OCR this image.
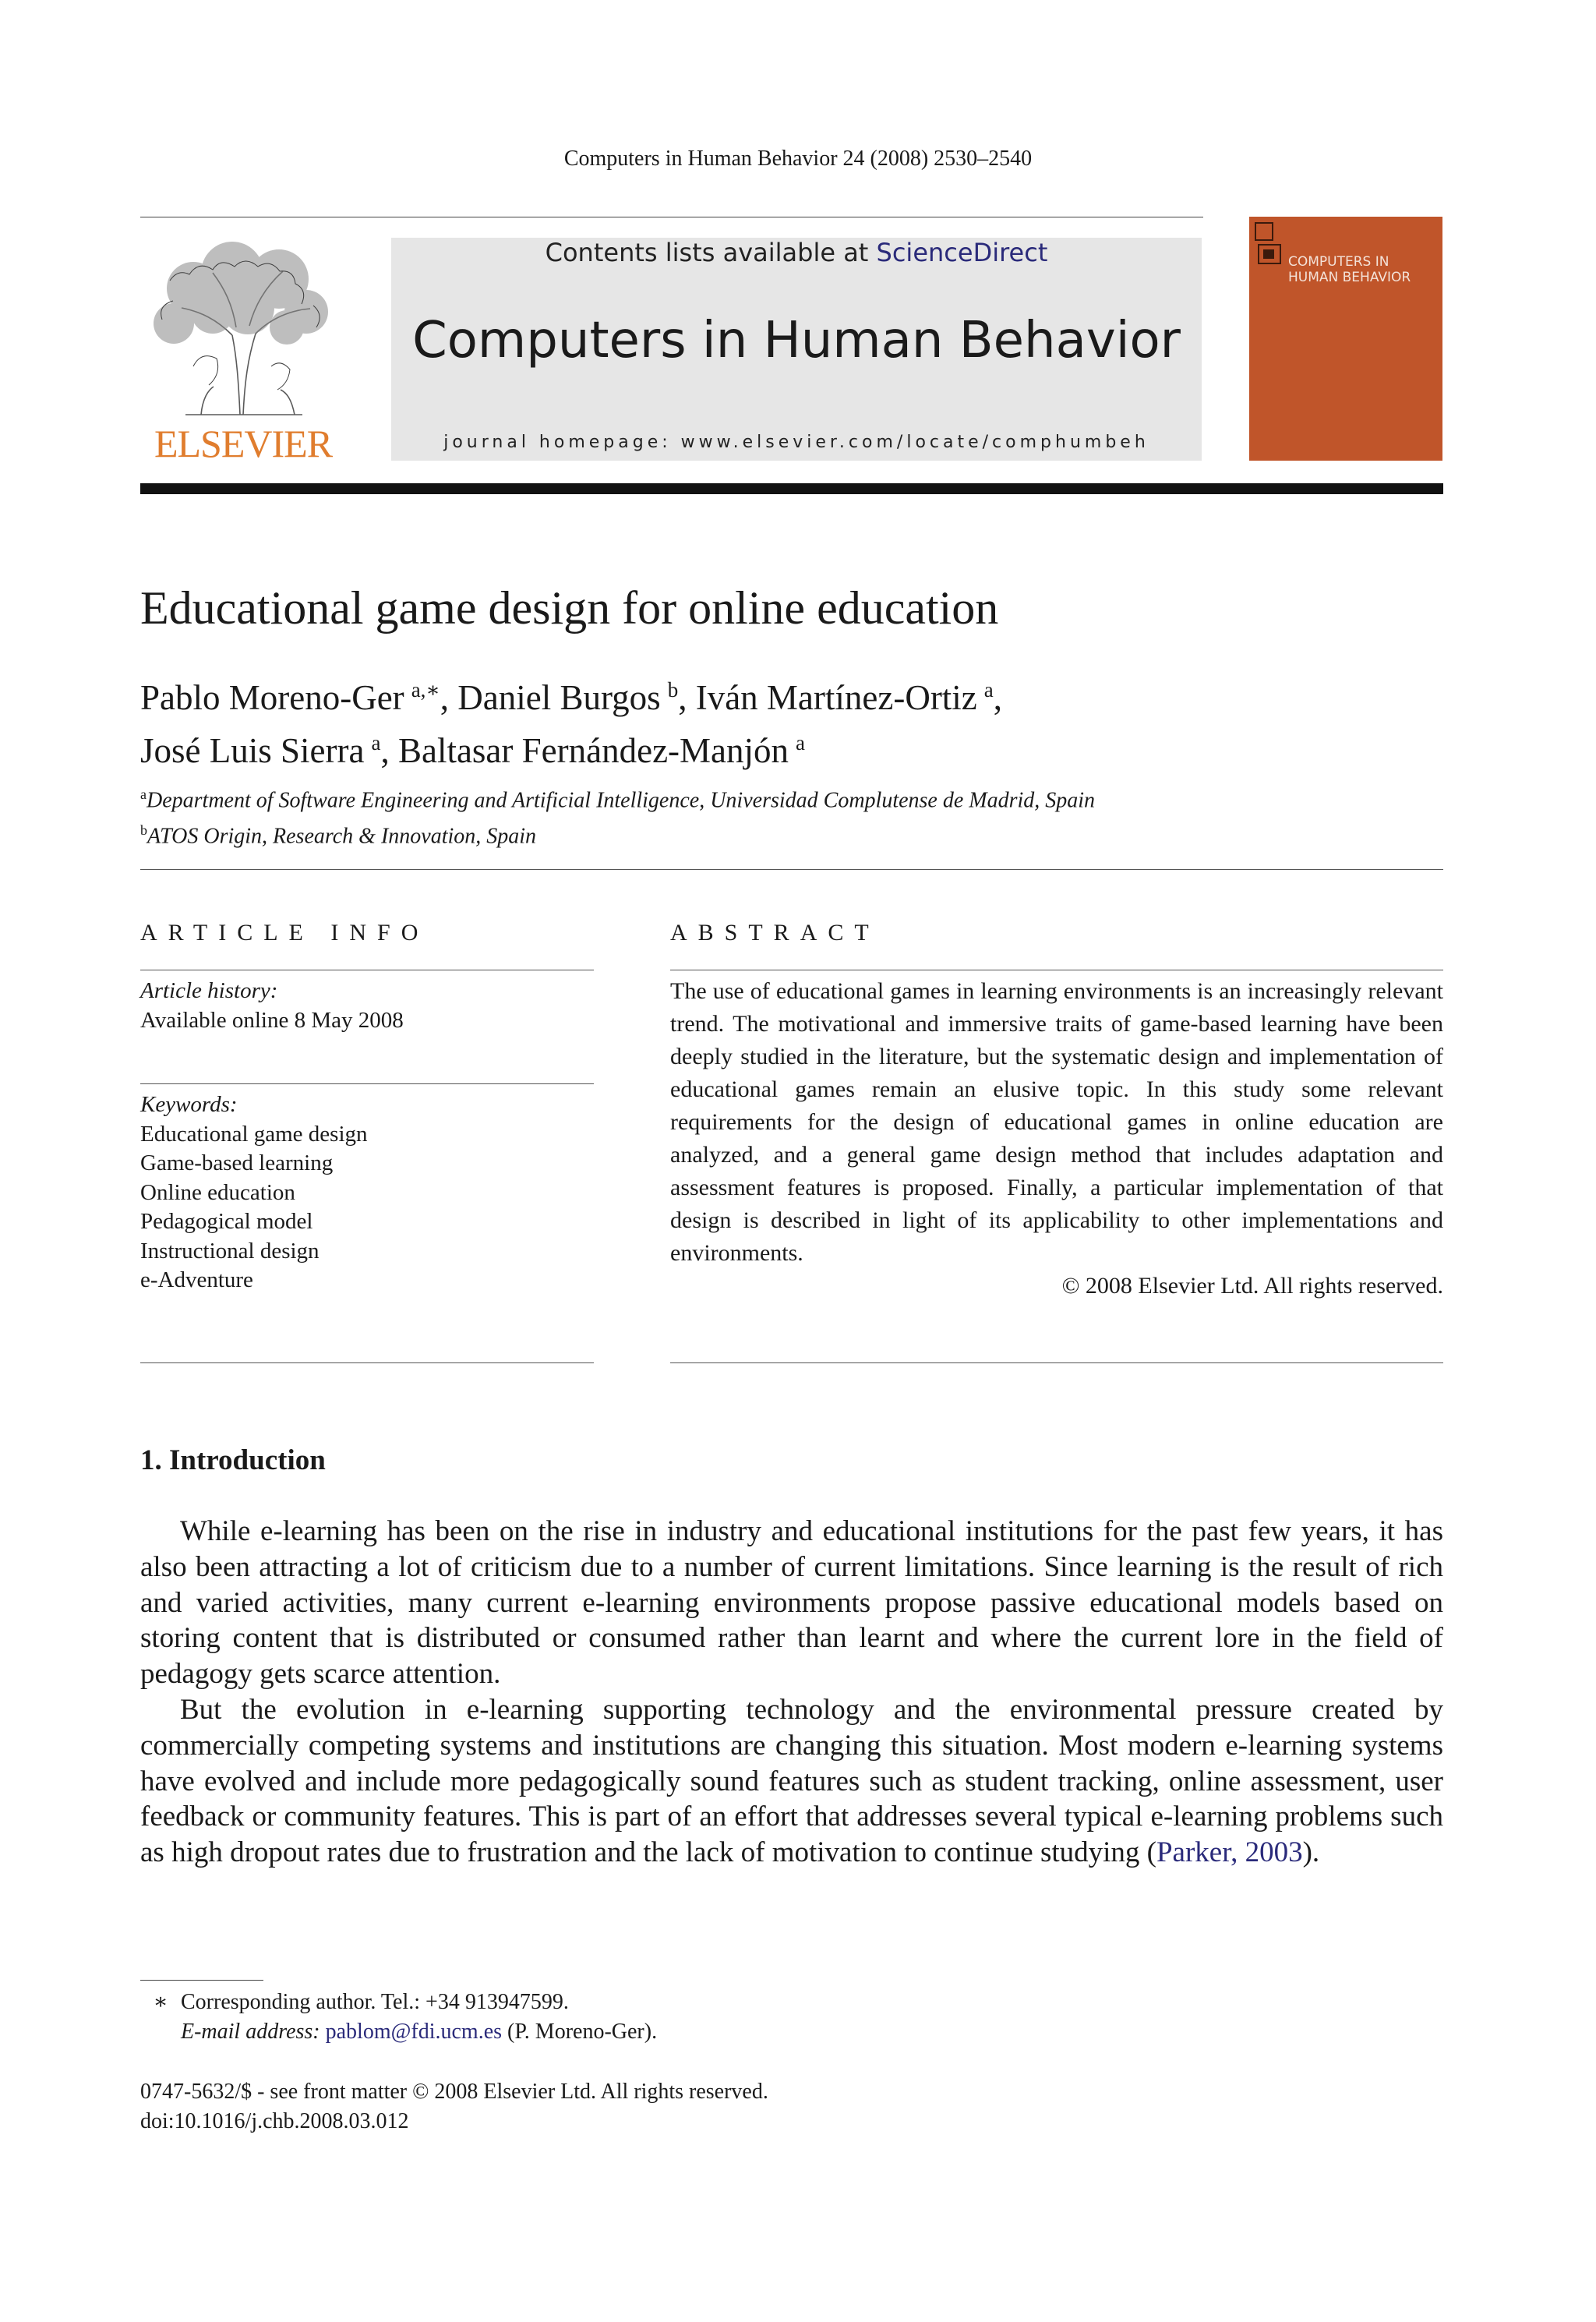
Computers in Human Behavior 24 (2008) 2530–2540
ELSEVIER
Contents lists available at ScienceDirect
Computers in Human Behavior
journal homepage: www.elsevier.com/locate/comphumbeh
COMPUTERS IN
HUMAN BEHAVIOR
Educational game design for online education
Pablo Moreno-Ger  $^{a,∗}$, Daniel Burgos  $^b$, Iván Martínez-Ortiz  $^a$,
José Luis Sierra  $^a$, Baltasar Fernández-Manjón  $^a$
$^a$Department of Software Engineering and Artificial Intelligence, Universidad Complutense de Madrid, Spain
$^b$ATOS Origin, Research & Innovation, Spain
ARTICLE INFO
Article history:
Available online 8 May 2008
Keywords:
Educational game design
Game-based learning
Online education
Pedagogical model
Instructional design
e-Adventure
ABSTRACT
The use of educational games in learning environments is an increasingly relevant trend. The motivational and immersive traits of game-based learning have been deeply studied in the literature, but the systematic design and implementation of educational games remain an elusive topic. In this study some relevant requirements for the design of educational games in online education are analyzed, and a general game design method that includes adaptation and assessment features is proposed. Finally, a particular implementation of that design is described in light of its applicability to other implementations and environments.
© 2008 Elsevier Ltd. All rights reserved.
1. Introduction

While e-learning has been on the rise in industry and educational institutions for the past few years, it has also been attracting a lot of criticism due to a number of current limitations. Since learning is the result of rich and varied activities, many current e-learning environments propose passive educational models based on storing content that is distributed or consumed rather than learnt and where the current lore in the field of pedagogy gets scarce attention.

But the evolution in e-learning supporting technology and the environmental pressure created by commercially competing systems and institutions are changing this situation. Most modern e-learning systems have evolved and include more pedagogically sound features such as student tracking, online assessment, user feedback or community features. This is part of an effort that addresses several typical e-learning problems such as high dropout rates due to frustration and the lack of motivation to continue studying (Parker, 2003).

∗ Corresponding author. Tel.: +34 913947599.
E-mail address: pablom@fdi.ucm.es (P. Moreno-Ger).
0747-5632/$ - see front matter © 2008 Elsevier Ltd. All rights reserved.
doi:10.1016/j.chb.2008.03.012
